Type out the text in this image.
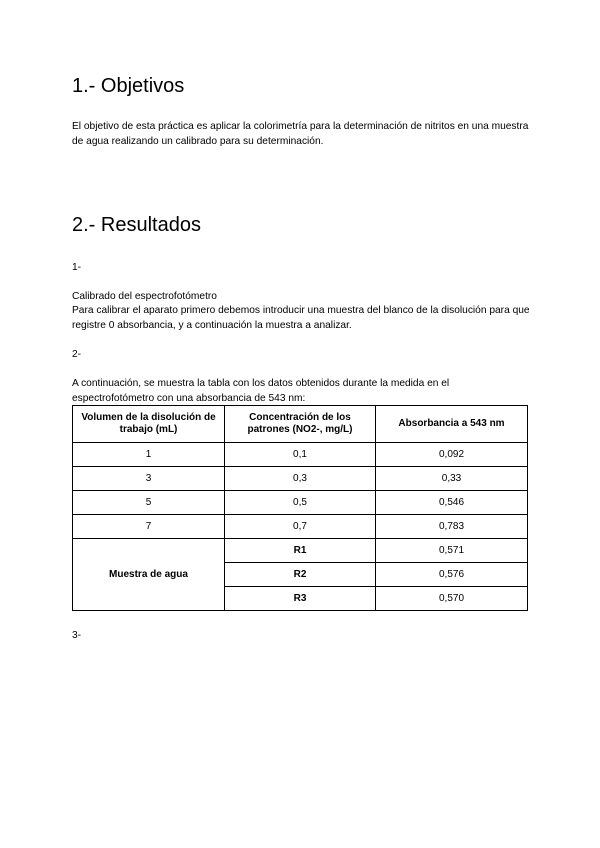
1.- Objetivos

El objetivo de esta práctica es aplicar la colorimetría para la determinación de nitritos en una muestra de agua realizando un calibrado para su determinación.

2.- Resultados

1-

Calibrado del espectrofotómetro

Para calibrar el aparato primero debemos introducir una muestra del blanco de la disolución para que registre 0 absorbancia, y a continuación la muestra a analizar.

2-

A continuación, se muestra la tabla con los datos obtenidos durante la medida en el espectrofotómetro con una absorbancia de 543 nm:

Volumen de la disolución de trabajo (mL)	Concentración de los patrones (NO2-, mg/L)	Absorbancia a 543 nm
1	0,1	0,092
3	0,3	0,33
5	0,5	0,546
7	0,7	0,783
Muestra de agua	R1	0,571
	R2	0,576
	R3	0,570

3-
